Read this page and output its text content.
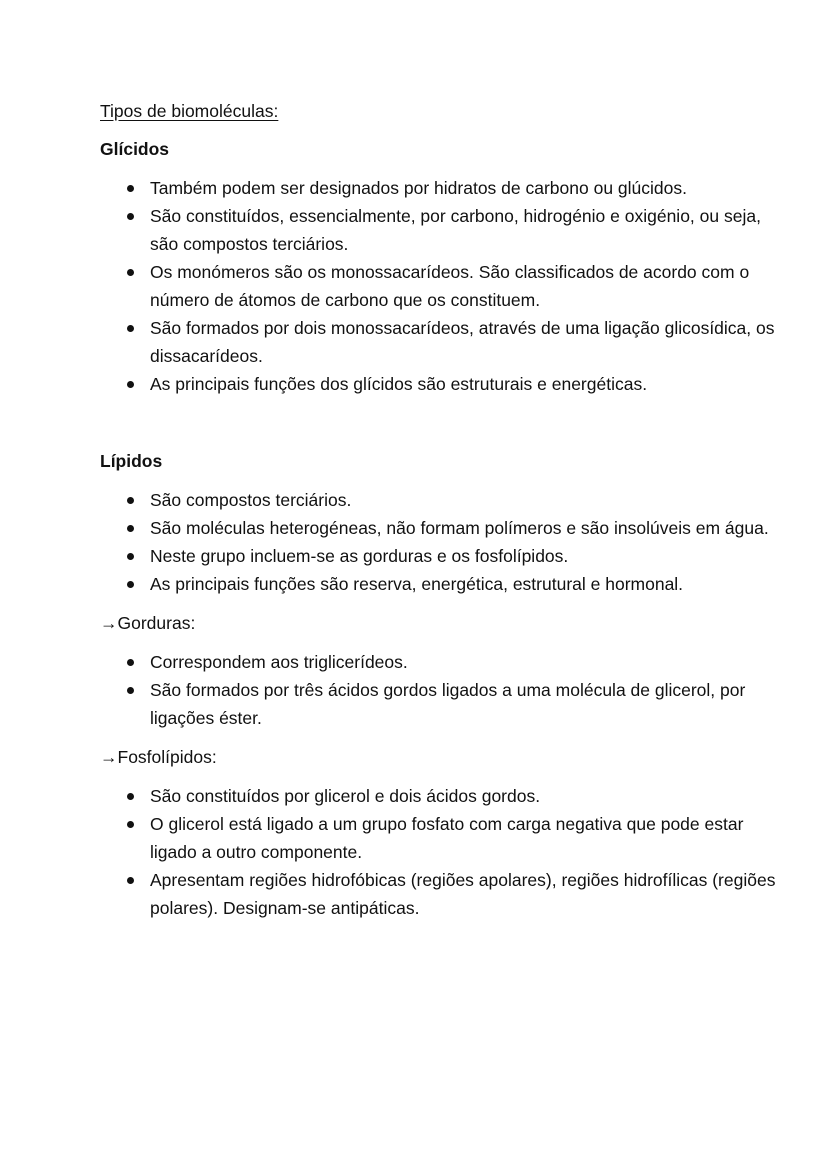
Tipos de biomoléculas:
Glícidos
Também podem ser designados por hidratos de carbono ou glúcidos.
São constituídos, essencialmente, por carbono, hidrogénio e oxigénio, ou seja, são compostos terciários.
Os monómeros são os monossacarídeos. São classificados de acordo com o número de átomos de carbono que os constituem.
São formados por dois monossacarídeos, através de uma ligação glicosídica, os dissacarídeos.
As principais funções dos glícidos são estruturais e energéticas.
Lípidos
São compostos terciários.
São moléculas heterogéneas, não formam polímeros e são insolúveis em água.
Neste grupo incluem-se as gorduras e os fosfolípidos.
As principais funções são reserva, energética, estrutural e hormonal.
→Gorduras:
Correspondem aos triglicerídeos.
São formados por três ácidos gordos ligados a uma molécula de glicerol, por ligações éster.
→Fosfolípidos:
São constituídos por glicerol e dois ácidos gordos.
O glicerol está ligado a um grupo fosfato com carga negativa que pode estar ligado a outro componente.
Apresentam regiões hidrofóbicas (regiões apolares), regiões hidrofílicas (regiões polares). Designam-se antipáticas.
